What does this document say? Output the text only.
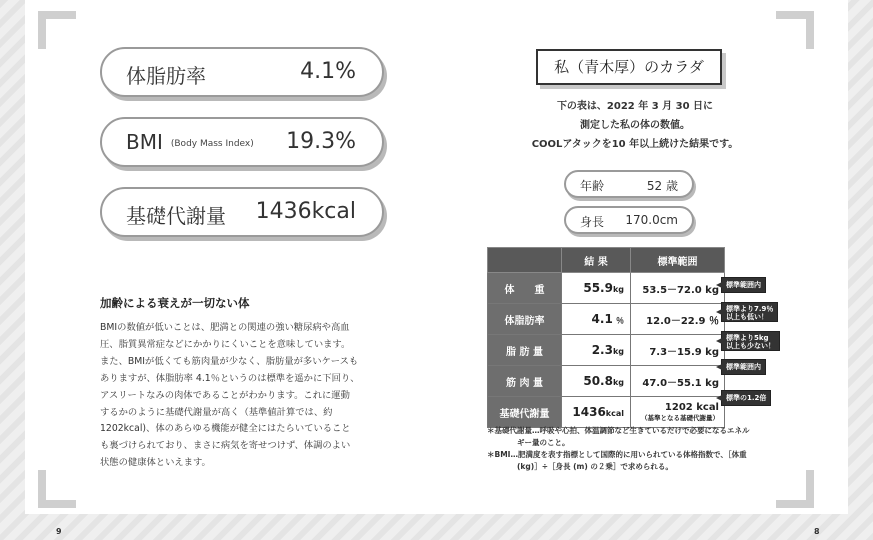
体脂肪率	4.1%
BMI $^{(Body Mass Index)}$ 19.3%
基礎代謝量 1436kcal
加齢による衰えが一切ない体
BMIの数値が低いことは、肥満との関連の強い糖尿病や高血
圧、脂質異常症などにかかりにくいことを意味しています。
また、BMIが低くても筋肉量が少なく、脂肪量が多いケースも
ありますが、体脂肪率 4.1％というのは標準を遥かに下回り、
アスリートなみの肉体であることがわかります。これに運動
するかのように基礎代謝量が高く（基準値計算では、約
1202kcal)、体のあらゆる機能が健全にはたらいていること
も裏づけられており、まさに病気を寄せつけず、体調のよい
状態の健康体といえます。
私（青木厚）のカラダ
下の表は、2022 年 3 月 30 日に
測定した私の体の数値。
COOLアタックを10 年以上続けた結果です。
年齢	52 歳
身長 170.0cm
	結 果	標準範囲
体　　重	55.9kg	53.5－72.0 kg
体脂肪率	4.1 ％	12.0－22.9 ％
脂 肪 量	2.3kg	7.3－15.9 kg
筋 肉 量	50.8kg	47.0－55.1 kg
基礎代謝量	1436kcal	1202 kcal
（基準となる基礎代謝量）
標準範囲内
標準より7.9％
以上も低い！
標準より5kg
以上も少ない！
標準範囲内
標準の1.2倍
＊基礎代謝量…呼吸や心拍、体温調節など生きているだけで必要になるエネル
ギー量のこと。
＊BMI…肥満度を表す指標として国際的に用いられている体格指数で、［体重
(kg)］÷［身長 (m) の２乗］で求められる。
9	8
